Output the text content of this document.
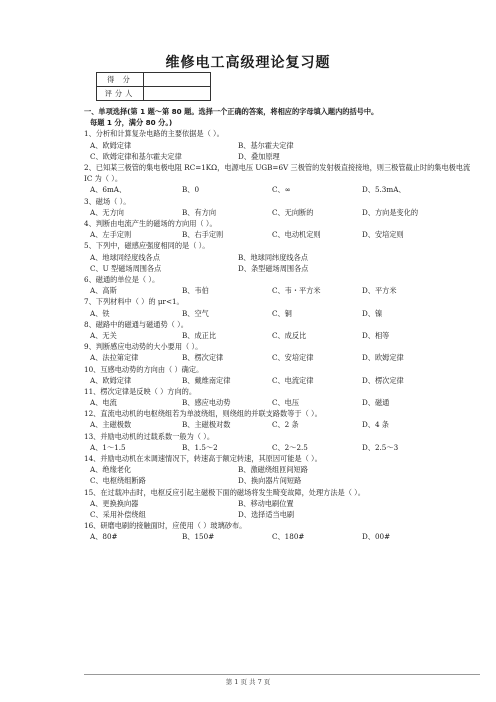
维修电工高级理论复习题
得 分	
评分人	
一、单项选择(第 1 题～第 80 题。选择一个正确的答案，将相应的字母填入题内的括号中。
每题 1 分，满分 80 分。)
1、分析和计算复杂电路的主要依据是（ ）。
A、欧姆定律	B、基尔霍夫定律
C、欧姆定律和基尔霍夫定律	D、叠加原理
2、已知某三极管的集电极电阻 RC=1KΩ，电源电压 UGB=6V 三极管的发射极直接接地，则三极管截止时的集电极电流 IC 为（ ）。
A、6mA、	B、0	C、∞	D、5.3mA、
3、磁场（ ）。
A、无方向	B、有方向	C、无向断的	D、方向是变化的
4、判断由电流产生的磁场的方向用（ ）。
A、左手定则	B、右手定则	C、电动机定则	D、安培定则
5、下列中，磁感应强度相同的是（ ）。
A、地球同经度线各点	B、地球同纬度线各点
C、U 型磁场周围各点	D、条型磁场周围各点
6、磁通的单位是（ ）。
A、高斯	B、韦伯	C、韦・平方米	D、平方米
7、下列材料中（ ）的 μr<1。
A、铁	B、空气	C、铜	D、镍
8、磁路中的磁通与磁通势（ ）。
A、无关	B、成正比	C、成反比	D、相等
9、判断感应电动势的大小要用（ ）。
A、法拉第定律	B、楞次定律	C、安培定律	D、欧姆定律
10、互感电动势的方向由（ ）确定。
A、欧姆定律	B、戴维南定律	C、电流定律	D、楞次定律
11、楞次定律是反映（ ）方向的。
A、电流	B、感应电动势	C、电压	D、磁通
12、直流电动机的电枢绕组若为单波绕组，则绕组的并联支路数等于（ ）。
A、主磁极数	B、主磁极对数	C、2 条	D、4 条
13、并励电动机的过载系数一般为（ ）。
A、1～1.5	B、1.5～2	C、2～2.5	D、2.5～3
14、并励电动机在未调速情况下，转速高于额定转速，其原因可能是（ ）。
A、绝缘老化	B、激磁绕组匝间短路
C、电枢绕组断路	D、换向器片间短路
15、在过载冲击时，电枢反应引起主磁极下面的磁场将发生畸变故障，处理方法是（ ）。
A、更换换向器	B、移动电刷位置
C、采用补偿绕组	D、选择适当电刷
16、研磨电刷的接触面时，应使用（ ）玻璃砂布。
A、80#	B、150#	C、180#	D、00#
第 1 页 共 7 页
